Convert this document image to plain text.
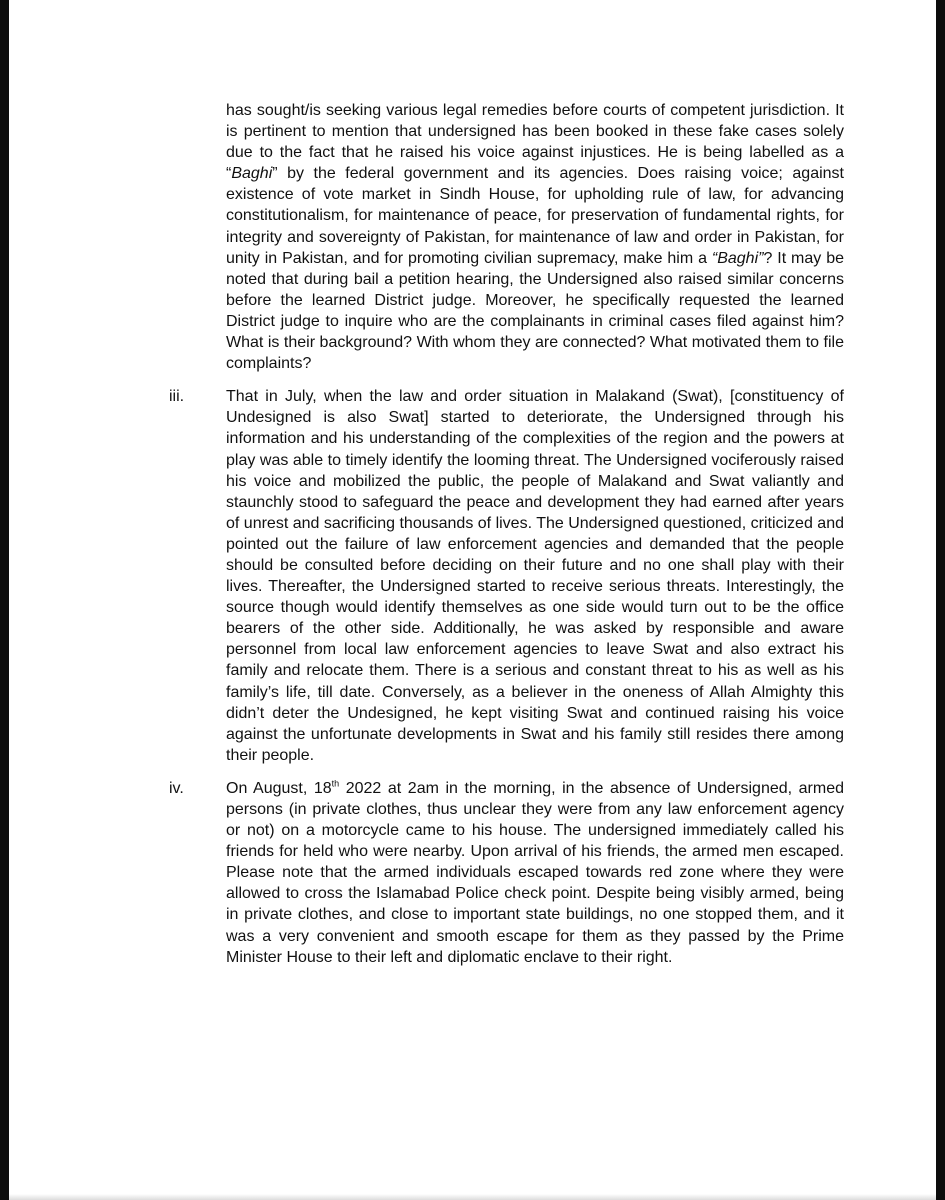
has sought/is seeking various legal remedies before courts of competent jurisdiction. It is pertinent to mention that undersigned has been booked in these fake cases solely due to the fact that he raised his voice against injustices. He is being labelled as a “Baghi” by the federal government and its agencies. Does raising voice; against existence of vote market in Sindh House, for upholding rule of law, for advancing constitutionalism, for maintenance of peace, for preservation of fundamental rights, for integrity and sovereignty of Pakistan, for maintenance of law and order in Pakistan, for unity in Pakistan, and for promoting civilian supremacy, make him a “Baghi”? It may be noted that during bail a petition hearing, the Undersigned also raised similar concerns before the learned District judge. Moreover, he specifically requested the learned District judge to inquire who are the complainants in criminal cases filed against him? What is their background? With whom they are connected? What motivated them to file complaints?
iii.	That in July, when the law and order situation in Malakand (Swat), [constituency of Undesigned is also Swat] started to deteriorate, the Undersigned through his information and his understanding of the complexities of the region and the powers at play was able to timely identify the looming threat. The Undersigned vociferously raised his voice and mobilized the public, the people of Malakand and Swat valiantly and staunchly stood to safeguard the peace and development they had earned after years of unrest and sacrificing thousands of lives. The Undersigned questioned, criticized and pointed out the failure of law enforcement agencies and demanded that the people should be consulted before deciding on their future and no one shall play with their lives. Thereafter, the Undersigned started to receive serious threats. Interestingly, the source though would identify themselves as one side would turn out to be the office bearers of the other side. Additionally, he was asked by responsible and aware personnel from local law enforcement agencies to leave Swat and also extract his family and relocate them. There is a serious and constant threat to his as well as his family’s life, till date. Conversely, as a believer in the oneness of Allah Almighty this didn’t deter the Undesigned, he kept visiting Swat and continued raising his voice against the unfortunate developments in Swat and his family still resides there among their people.
iv.	On August, 18th 2022 at 2am in the morning, in the absence of Undersigned, armed persons (in private clothes, thus unclear they were from any law enforcement agency or not) on a motorcycle came to his house. The undersigned immediately called his friends for held who were nearby. Upon arrival of his friends, the armed men escaped. Please note that the armed individuals escaped towards red zone where they were allowed to cross the Islamabad Police check point. Despite being visibly armed, being in private clothes, and close to important state buildings, no one stopped them, and it was a very convenient and smooth escape for them as they passed by the Prime Minister House to their left and diplomatic enclave to their right.
